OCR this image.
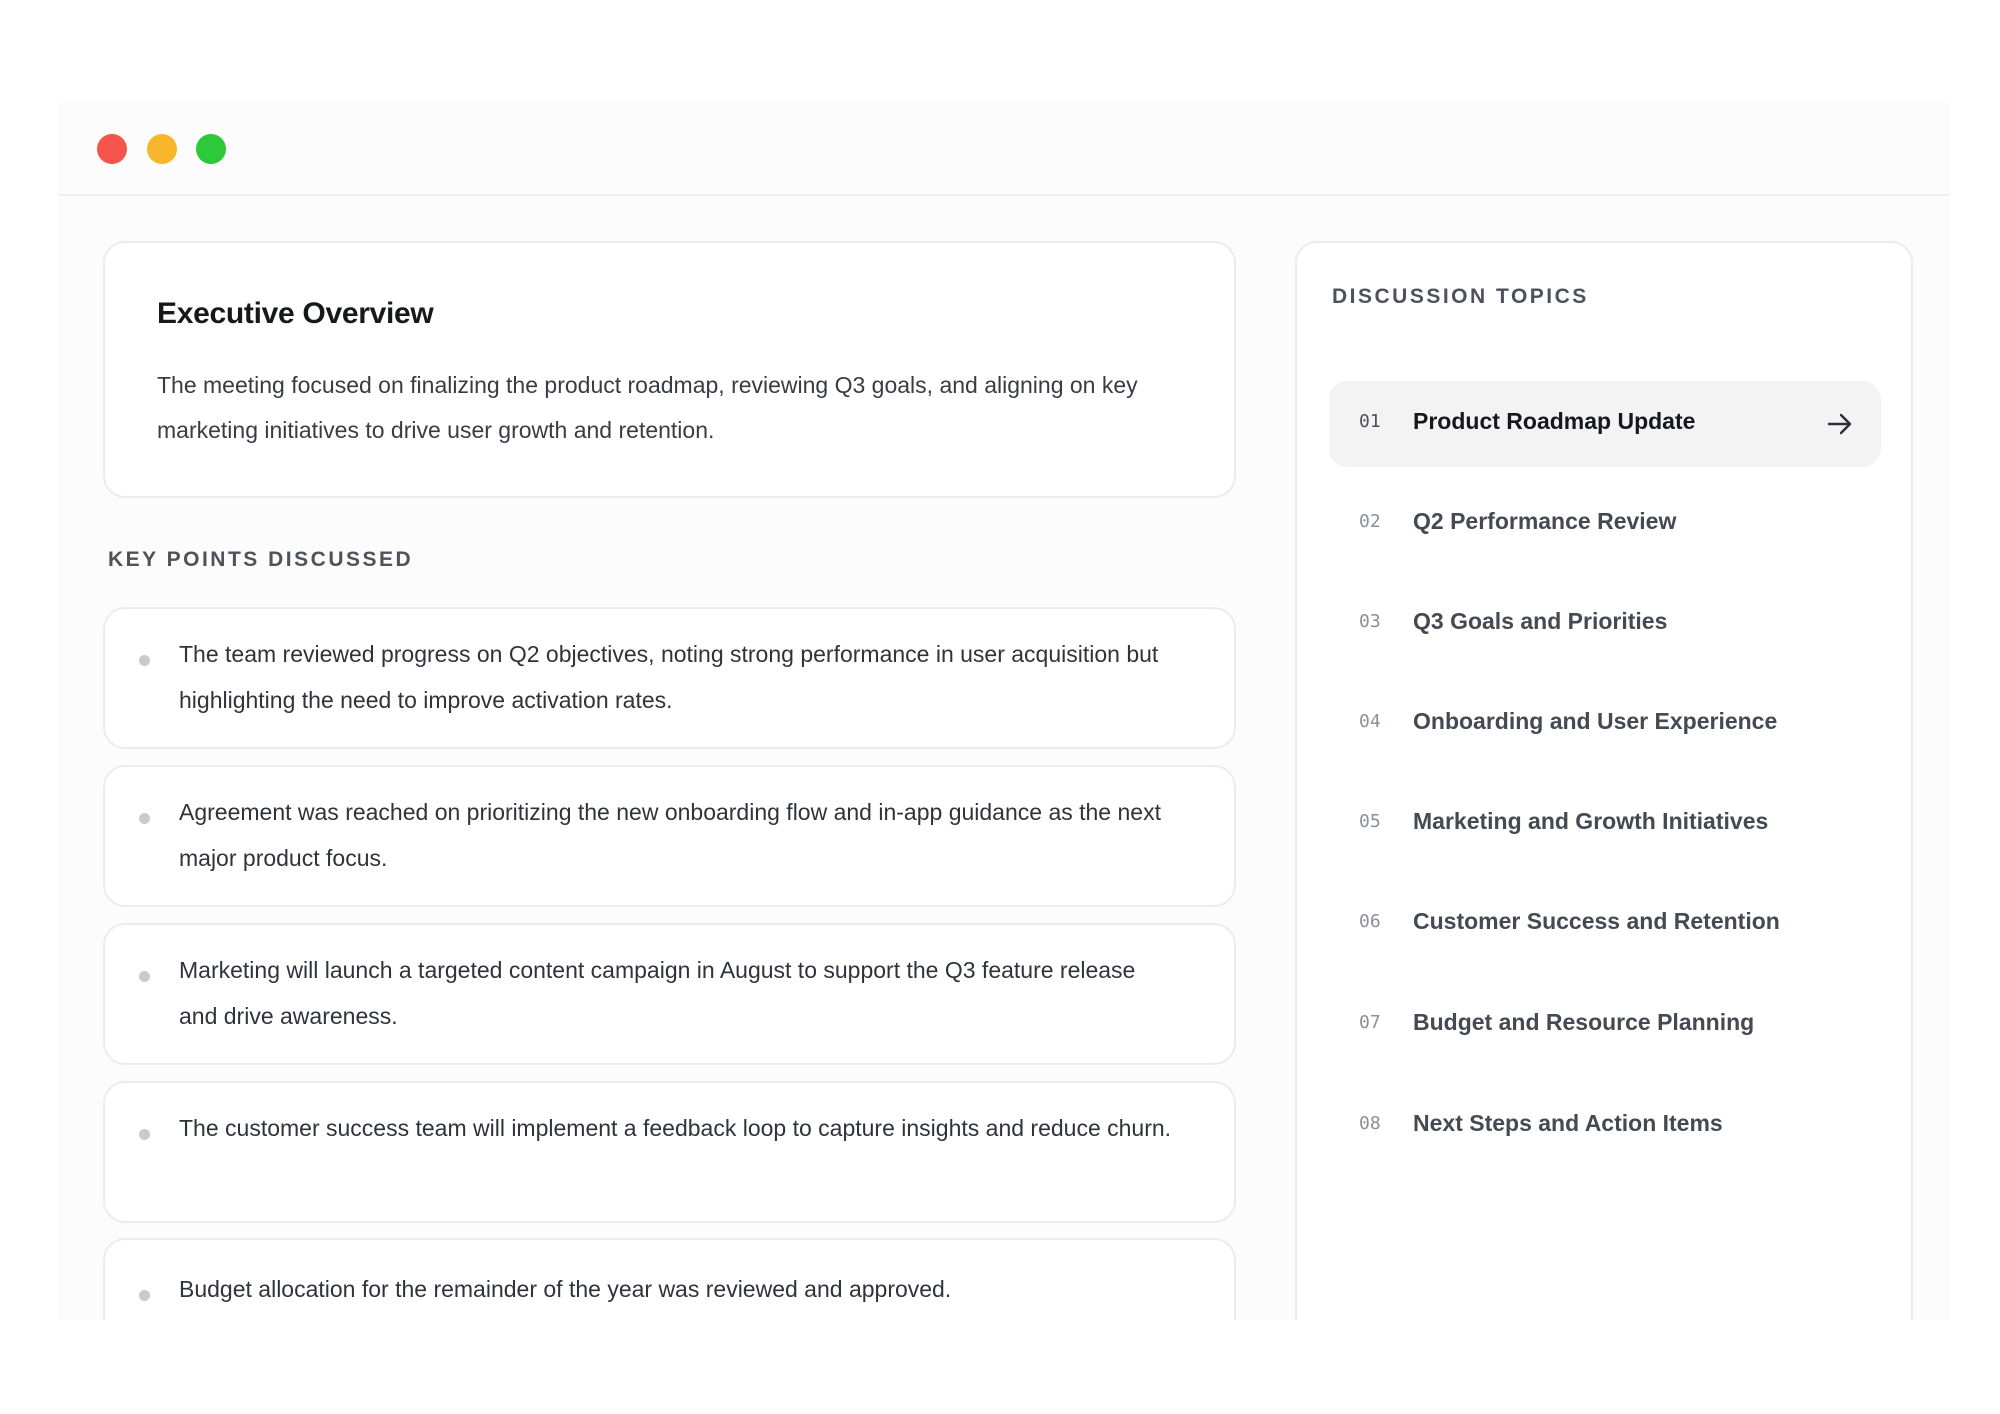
Executive Overview
The meeting focused on finalizing the product roadmap, reviewing Q3 goals, and aligning on key marketing initiatives to drive user growth and retention.
KEY POINTS DISCUSSED
The team reviewed progress on Q2 objectives, noting strong performance in user acquisition but highlighting the need to improve activation rates.
Agreement was reached on prioritizing the new onboarding flow and in-app guidance as the next major product focus.
Marketing will launch a targeted content campaign in August to support the Q3 feature release and drive awareness.
The customer success team will implement a feedback loop to capture insights and reduce churn.
Budget allocation for the remainder of the year was reviewed and approved.
DISCUSSION TOPICS
01 Product Roadmap Update
02 Q2 Performance Review
03 Q3 Goals and Priorities
04 Onboarding and User Experience
05 Marketing and Growth Initiatives
06 Customer Success and Retention
07 Budget and Resource Planning
08 Next Steps and Action Items
